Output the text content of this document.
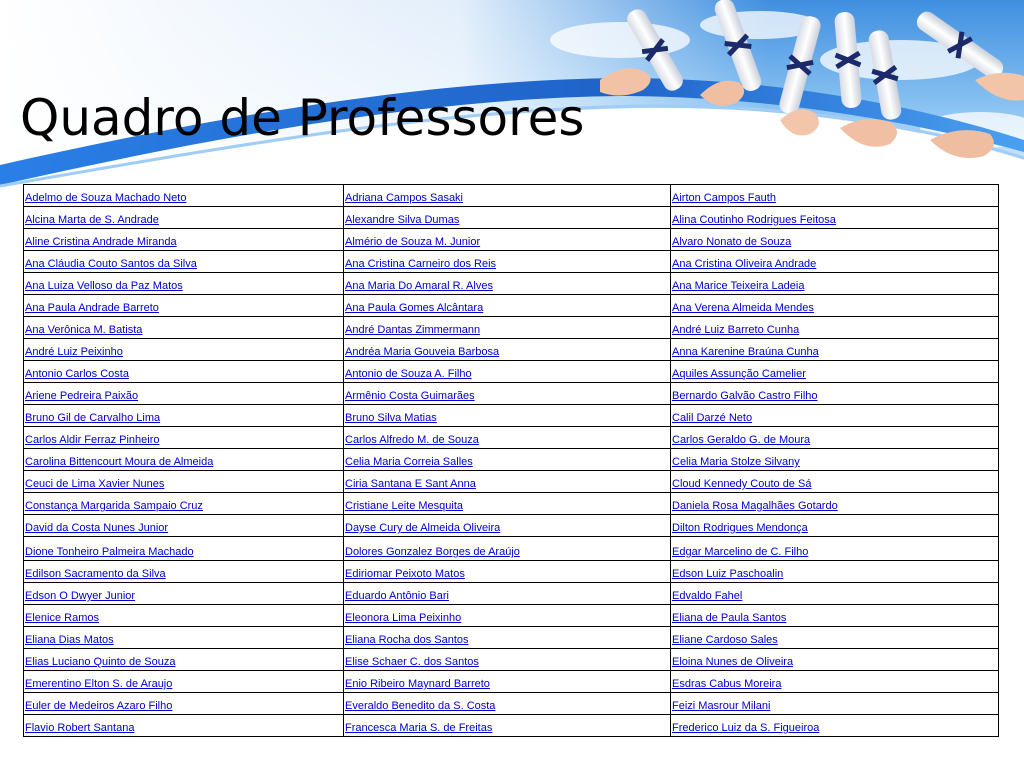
Quadro de Professores
Adelmo de Souza Machado Neto	Adriana Campos Sasaki	Airton Campos Fauth
Alcina Marta de S. Andrade	Alexandre Silva Dumas	Alina Coutinho Rodrigues Feitosa
Aline Cristina Andrade Miranda	Almério de Souza M. Junior	Alvaro Nonato de Souza
Ana Cláudia Couto Santos da Silva	Ana Cristina Carneiro dos Reis	Ana Cristina Oliveira Andrade
Ana Luiza Velloso da Paz Matos	Ana Maria Do Amaral R. Alves	Ana Marice Teixeira Ladeia
Ana Paula Andrade Barreto	Ana Paula Gomes Alcântara	Ana Verena Almeida Mendes
Ana Verônica M. Batista	André Dantas Zimmermann	André Luiz Barreto Cunha
André Luiz Peixinho	Andréa Maria Gouveia Barbosa	Anna Karenine Braúna Cunha
Antonio Carlos Costa	Antonio de Souza A. Filho	Aquiles Assunção Camelier
Ariene Pedreira Paixão	Armênio Costa Guimarães	Bernardo Galvão Castro Filho
Bruno Gil de Carvalho Lima	Bruno Silva Matias	Calil Darzé Neto
Carlos Aldir Ferraz Pinheiro	Carlos Alfredo M. de Souza	Carlos Geraldo G. de Moura
Carolina Bittencourt Moura de Almeida	Celia Maria Correia Salles	Celia Maria Stolze Silvany
Ceuci de Lima Xavier Nunes	Ciria Santana E Sant Anna	Cloud Kennedy Couto de Sá
Constança Margarida Sampaio Cruz	Cristiane Leite Mesquita	Daniela Rosa Magalhães Gotardo
David da Costa Nunes Junior	Dayse Cury de Almeida Oliveira	Dilton Rodrigues Mendonça
Dione Tonheiro Palmeira Machado	Dolores Gonzalez Borges de Araújo	Edgar Marcelino de C. Filho
Edilson Sacramento da Silva	Ediriomar Peixoto Matos	Edson Luiz Paschoalin
Edson O Dwyer Junior	Eduardo Antônio Bari	Edvaldo Fahel
Elenice Ramos	Eleonora Lima Peixinho	Eliana de Paula Santos
Eliana Dias Matos	Eliana Rocha dos Santos	Eliane Cardoso Sales
Elias Luciano Quinto de Souza	Elise Schaer C. dos Santos	Eloina Nunes de Oliveira
Emerentino Elton S. de Araujo	Enio Ribeiro Maynard Barreto	Esdras Cabus Moreira
Euler de Medeiros Azaro Filho	Everaldo Benedito da S. Costa	Feizi Masrour Milani
Flavio Robert Santana	Francesca Maria S. de Freitas	Frederico Luiz da S. Figueiroa
